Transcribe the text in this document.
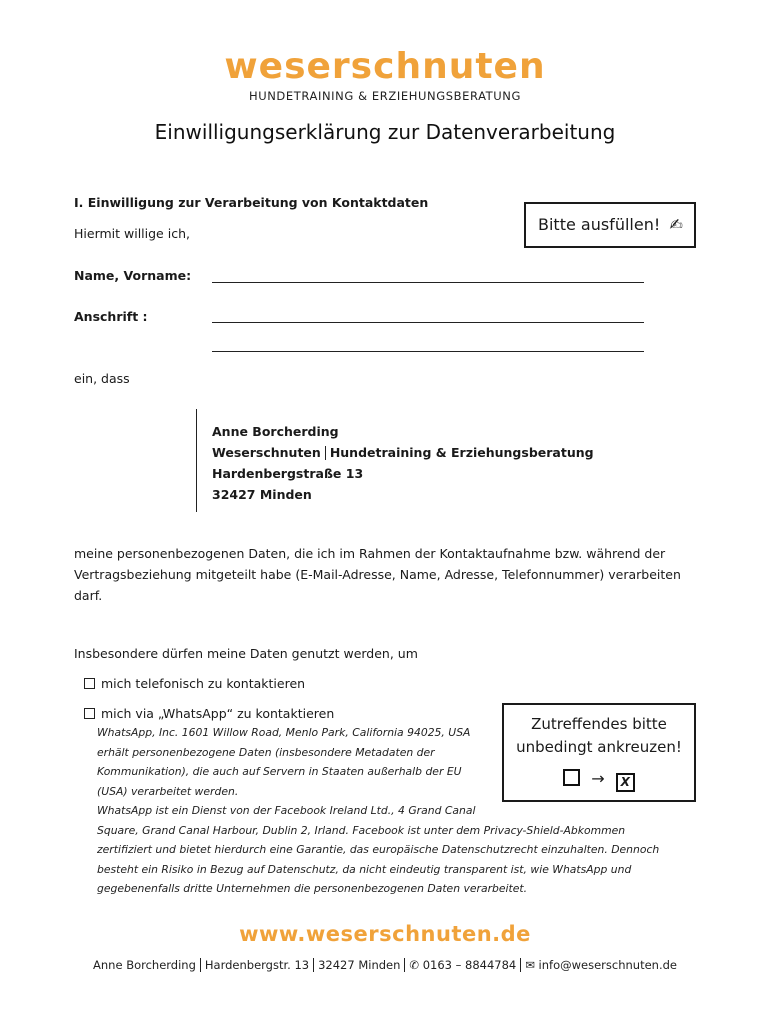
weserschnuten
HUNDETRAINING & ERZIEHUNGSBERATUNG
Einwilligungserklärung zur Datenverarbeitung
I. Einwilligung zur Verarbeitung von Kontaktdaten
Hiermit willige ich,	Bitte ausfüllen! ✍
Name, Vorname:
Anschrift :
ein, dass
Anne Borcherding
Weserschnuten Hundetraining & Erziehungsberatung
Hardenbergstraße 13
32427 Minden
meine personenbezogenen Daten, die ich im Rahmen der Kontaktaufnahme bzw. während der
Vertragsbeziehung mitgeteilt habe (E-Mail-Adresse, Name, Adresse, Telefonnummer) verarbeiten
darf.
Insbesondere dürfen meine Daten genutzt werden, um
mich telefonisch zu kontaktieren
mich via „WhatsApp“ zu kontaktieren
WhatsApp, Inc. 1601 Willow Road, Menlo Park, California 94025, USA
erhält personenbezogene Daten (insbesondere Metadaten der
Kommunikation), die auch auf Servern in Staaten außerhalb der EU
(USA) verarbeitet werden.
WhatsApp ist ein Dienst von der Facebook Ireland Ltd., 4 Grand Canal
Square, Grand Canal Harbour, Dublin 2, Irland. Facebook ist unter dem Privacy-Shield-Abkommen
zertifiziert und bietet hierdurch eine Garantie, das europäische Datenschutzrecht einzuhalten. Dennoch
besteht ein Risiko in Bezug auf Datenschutz, da nicht eindeutig transparent ist, wie WhatsApp und
gegebenenfalls dritte Unternehmen die personenbezogenen Daten verarbeitet.
Zutreffendes bitte
unbedingt ankreuzen!
→ X
www.weserschnuten.de
Anne Borcherding Hardenbergstr. 13 32427 Minden ✆ 0163 – 8844784 ✉ info@weserschnuten.de
